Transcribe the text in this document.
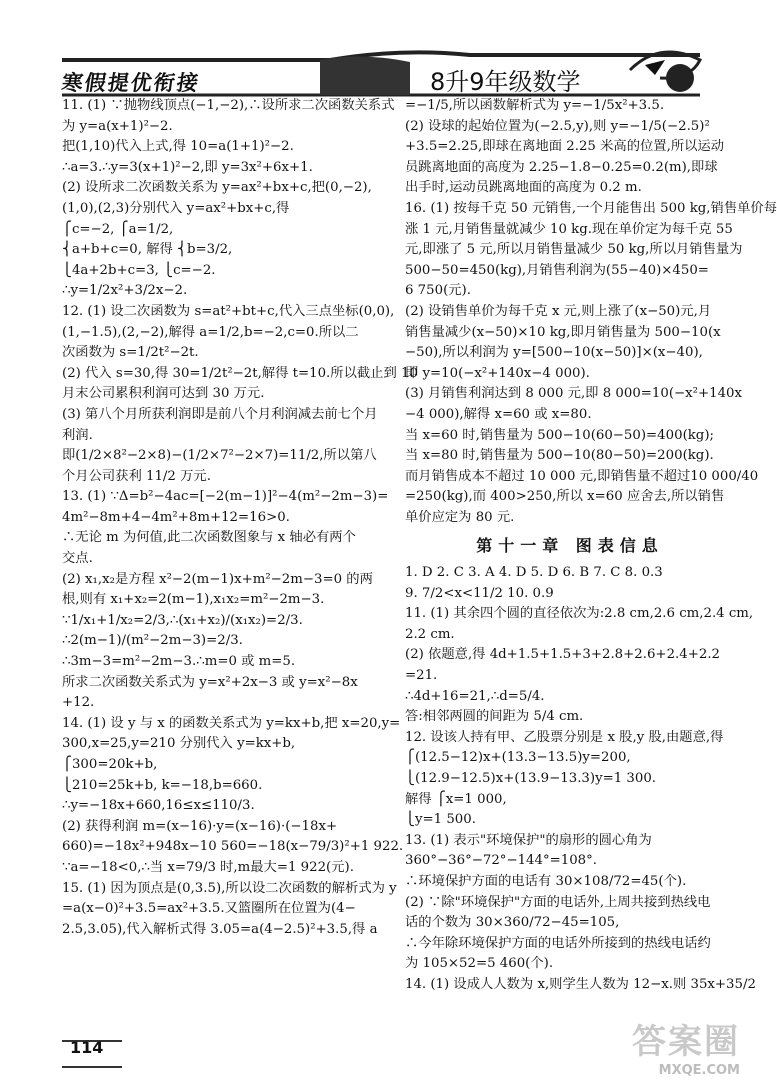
寒假提优衔接	8升9年级数学
11. (1) ∵抛物线顶点(−1,−2),∴设所求二次函数关系式
为 y=a(x+1)²−2.
把(1,10)代入上式,得 10=a(1+1)²−2.
∴a=3.∴y=3(x+1)²−2,即 y=3x²+6x+1.
(2) 设所求二次函数关系为 y=ax²+bx+c,把(0,−2),
(1,0),(2,3)分别代入 y=ax²+bx+c,得
⎧c=−2, ⎧a=1/2,
⎨a+b+c=0, 解得 ⎨b=3/2,
⎩4a+2b+c=3, ⎩c=−2.
∴y=1/2x²+3/2x−2.
12. (1) 设二次函数为 s=at²+bt+c,代入三点坐标(0,0),
(1,−1.5),(2,−2),解得 a=1/2,b=−2,c=0.所以二
次函数为 s=1/2t²−2t.
(2) 代入 s=30,得 30=1/2t²−2t,解得 t=10.所以截止到 10
月末公司累积利润可达到 30 万元.
(3) 第八个月所获利润即是前八个月利润减去前七个月
利润.
即(1/2×8²−2×8)−(1/2×7²−2×7)=11/2,所以第八
个月公司获利 11/2 万元.
13. (1) ∵Δ=b²−4ac=[−2(m−1)]²−4(m²−2m−3)=
4m²−8m+4−4m²+8m+12=16>0.
∴无论 m 为何值,此二次函数图象与 x 轴必有两个
交点.
(2) x₁,x₂是方程 x²−2(m−1)x+m²−2m−3=0 的两
根,则有 x₁+x₂=2(m−1),x₁x₂=m²−2m−3.
∵1/x₁+1/x₂=2/3,∴(x₁+x₂)/(x₁x₂)=2/3.
∴2(m−1)/(m²−2m−3)=2/3.
∴3m−3=m²−2m−3.∴m=0 或 m=5.
所求二次函数关系式为 y=x²+2x−3 或 y=x²−8x
+12.
14. (1) 设 y 与 x 的函数关系式为 y=kx+b,把 x=20,y=
300,x=25,y=210 分别代入 y=kx+b,
⎧300=20k+b,
⎩210=25k+b, k=−18,b=660.
∴y=−18x+660,16≤x≤110/3.
(2) 获得利润 m=(x−16)·y=(x−16)·(−18x+
660)=−18x²+948x−10 560=−18(x−79/3)²+1 922.
∵a=−18<0,∴当 x=79/3 时,m最大=1 922(元).
15. (1) 因为顶点是(0,3.5),所以设二次函数的解析式为 y
=a(x−0)²+3.5=ax²+3.5.又篮圈所在位置为(4−
2.5,3.05),代入解析式得 3.05=a(4−2.5)²+3.5,得 a
=−1/5,所以函数解析式为 y=−1/5x²+3.5.
(2) 设球的起始位置为(−2.5,y),则 y=−1/5(−2.5)²
+3.5=2.25,即球在离地面 2.25 米高的位置,所以运动
员跳离地面的高度为 2.25−1.8−0.25=0.2(m),即球
出手时,运动员跳离地面的高度为 0.2 m.
16. (1) 按每千克 50 元销售,一个月能售出 500 kg,销售单价每
涨 1 元,月销售量就减少 10 kg.现在单价定为每千克 55
元,即涨了 5 元,所以月销售量减少 50 kg,所以月销售量为
500−50=450(kg),月销售利润为(55−40)×450=
6 750(元).
(2) 设销售单价为每千克 x 元,则上涨了(x−50)元,月
销售量减少(x−50)×10 kg,即月销售量为 500−10(x
−50),所以利润为 y=[500−10(x−50)]×(x−40),
即 y=10(−x²+140x−4 000).
(3) 月销售利润达到 8 000 元,即 8 000=10(−x²+140x
−4 000),解得 x=60 或 x=80.
当 x=60 时,销售量为 500−10(60−50)=400(kg);
当 x=80 时,销售量为 500−10(80−50)=200(kg).
而月销售成本不超过 10 000 元,即销售量不超过10 000/40
=250(kg),而 400>250,所以 x=60 应舍去,所以销售
单价应定为 80 元.
第十一章 图表信息
1. D 2. C 3. A 4. D 5. D 6. B 7. C 8. 0.3
9. 7/2<x<11/2 10. 0.9
11. (1) 其余四个圆的直径依次为:2.8 cm,2.6 cm,2.4 cm,
2.2 cm.
(2) 依题意,得 4d+1.5+1.5+3+2.8+2.6+2.4+2.2
=21.
∴4d+16=21,∴d=5/4.
答:相邻两圆的间距为 5/4 cm.
12. 设该人持有甲、乙股票分别是 x 股,y 股,由题意,得
⎧(12.5−12)x+(13.3−13.5)y=200,
⎩(12.9−12.5)x+(13.9−13.3)y=1 300.
解得 ⎧x=1 000,
⎩y=1 500.
13. (1) 表示"环境保护"的扇形的圆心角为
360°−36°−72°−144°=108°.
∴环境保护方面的电话有 30×108/72=45(个).
(2) ∵除"环境保护"方面的电话外,上周共接到热线电
话的个数为 30×360/72−45=105,
∴今年除环境保护方面的电话外所接到的热线电话约
为 105×52=5 460(个).
14. (1) 设成人人数为 x,则学生人数为 12−x.则 35x+35/2
114	答案圈
MXQE.COM
